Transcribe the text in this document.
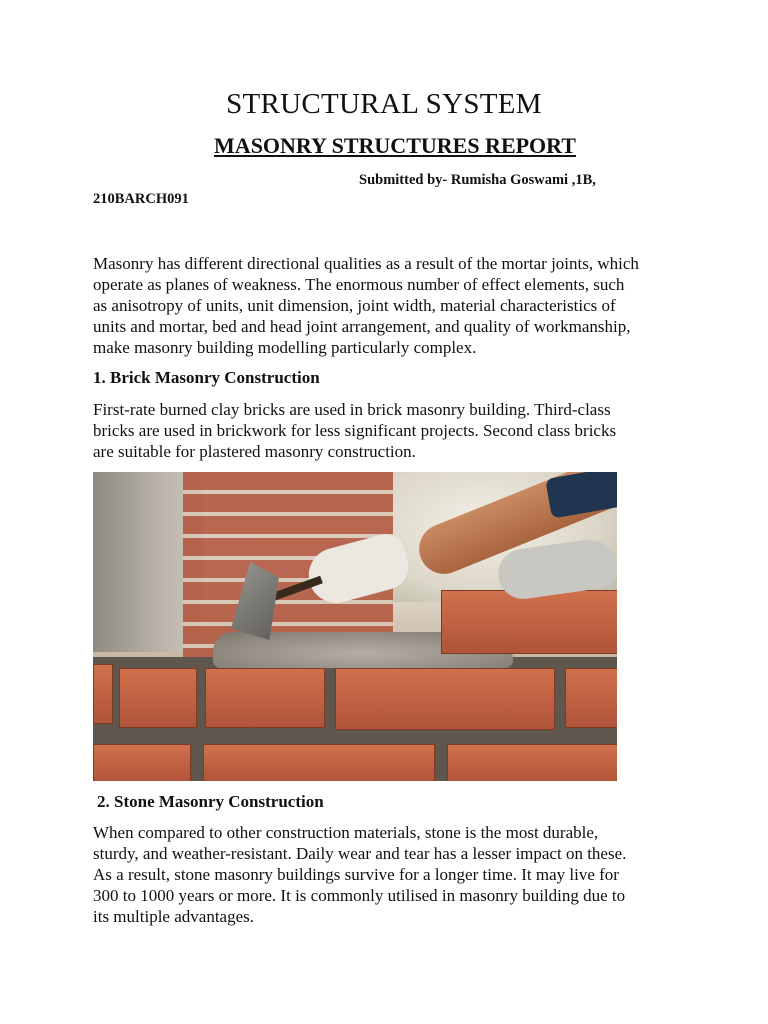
STRUCTURAL SYSTEM
MASONRY STRUCTURES REPORT
Submitted by- Rumisha Goswami ,1B,
210BARCH091
Masonry has different directional qualities as a result of the mortar joints, which
operate as planes of weakness. The enormous number of effect elements, such
as anisotropy of units, unit dimension, joint width, material characteristics of
units and mortar, bed and head joint arrangement, and quality of workmanship,
make masonry building modelling particularly complex.
1. Brick Masonry Construction
First-rate burned clay bricks are used in brick masonry building. Third-class
bricks are used in brickwork for less significant projects. Second class bricks
are suitable for plastered masonry construction.
2. Stone Masonry Construction
When compared to other construction materials, stone is the most durable,
sturdy, and weather-resistant. Daily wear and tear has a lesser impact on these.
As a result, stone masonry buildings survive for a longer time. It may live for
300 to 1000 years or more. It is commonly utilised in masonry building due to
its multiple advantages.
